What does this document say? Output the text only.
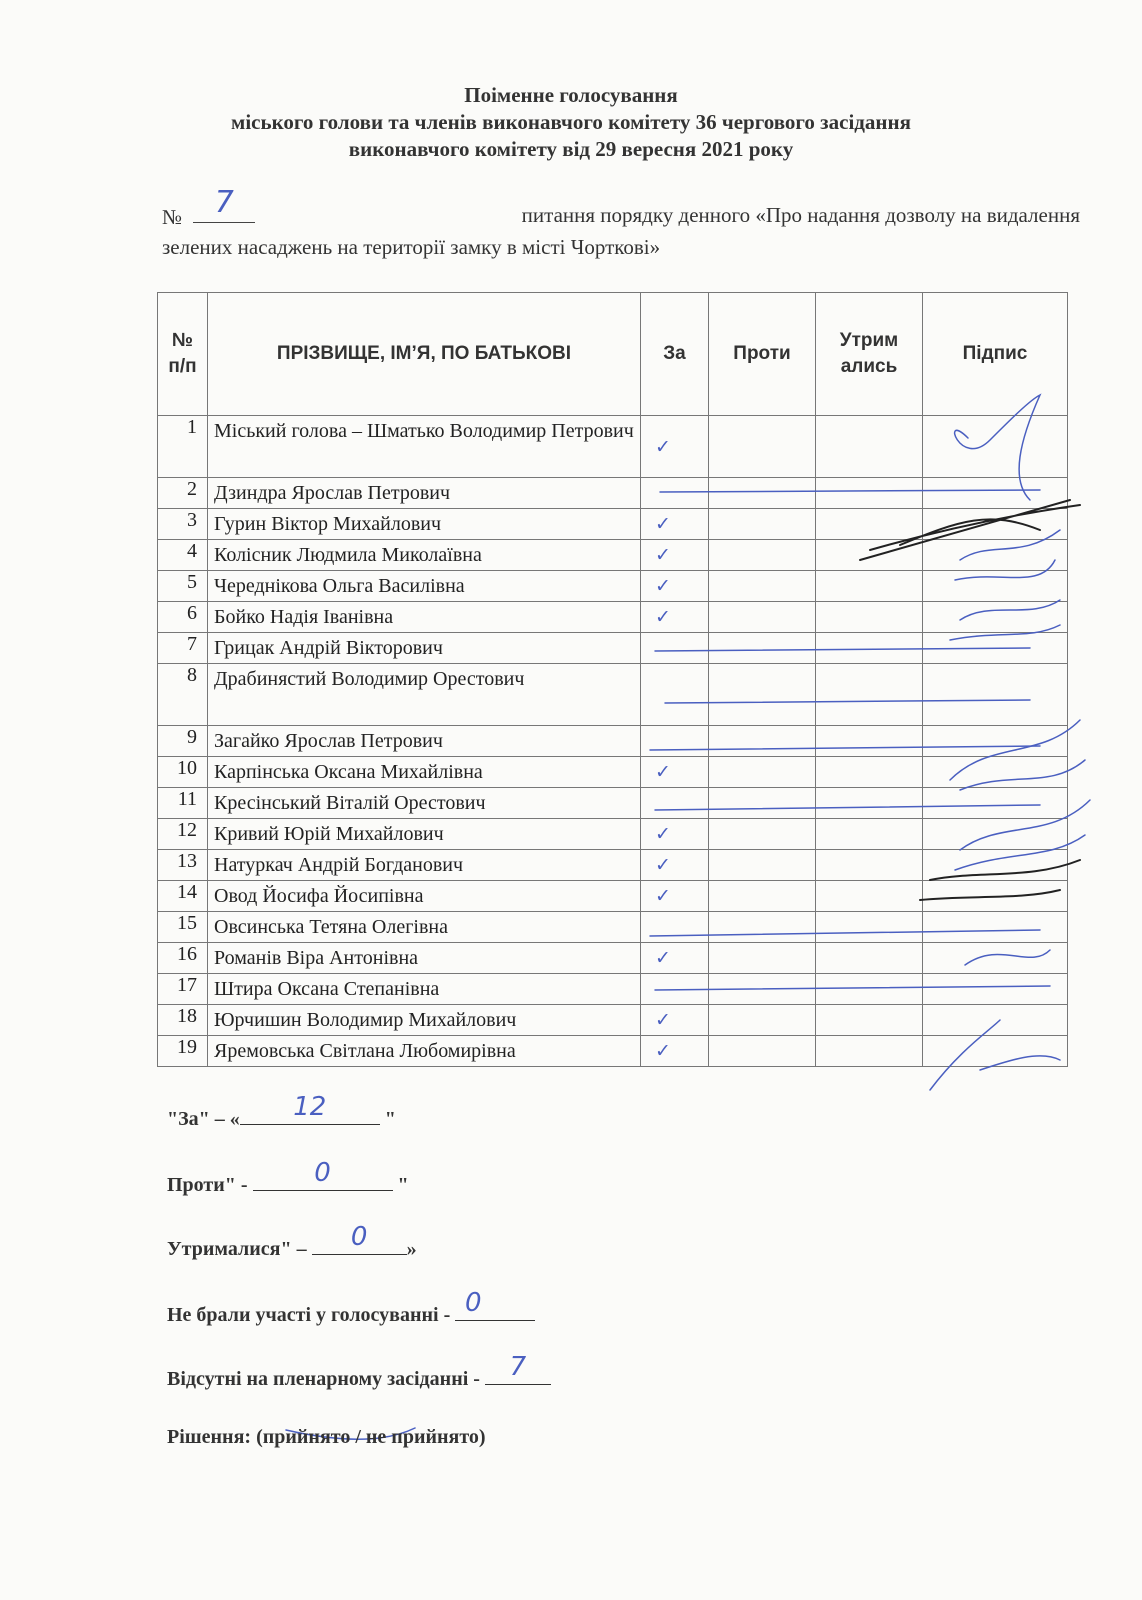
Поіменне голосування
міського голови та членів виконавчого комітету 36 чергового засідання
виконавчого комітету від 29 вересня 2021 року
№ 7	питання порядку денного «Про надання дозволу на видалення
зелених насаджень на території замку в місті Чорткові»
№ п/п	ПРІЗВИЩЕ, ІМ’Я, ПО БАТЬКОВІ	За	Проти	Утрим ались	Підпис
1	Міський голова – Шматько Володимир Петрович	✓			
2	Дзиндра Ярослав Петрович				
3	Гурин Віктор Михайлович	✓			
4	Колісник Людмила Миколаївна	✓			
5	Череднікова Ольга Василівна	✓			
6	Бойко Надія Іванівна	✓			
7	Грицак Андрій Вікторович				
8	Драбинястий Володимир Орестович				
9	Загайко Ярослав Петрович				
10	Карпінська Оксана Михайлівна	✓			
11	Кресінський Віталій Орестович				
12	Кривий Юрій Михайлович	✓			
13	Натуркач Андрій Богданович	✓			
14	Овод Йосифа Йосипівна	✓			
15	Овсинська Тетяна Олегівна				
16	Романів Віра Антонівна	✓			
17	Штира Оксана Степанівна				
18	Юрчишин Володимир Михайлович	✓			
19	Яремовська Світлана Любомирівна	✓			
"За" – « 12	"
Проти" -	0	"
Утрималися" – 0 »
Не брали участі у голосуванні - 0
Відсутні на пленарному засіданні - 7
Рішення: (прийнято / не прийнято)
